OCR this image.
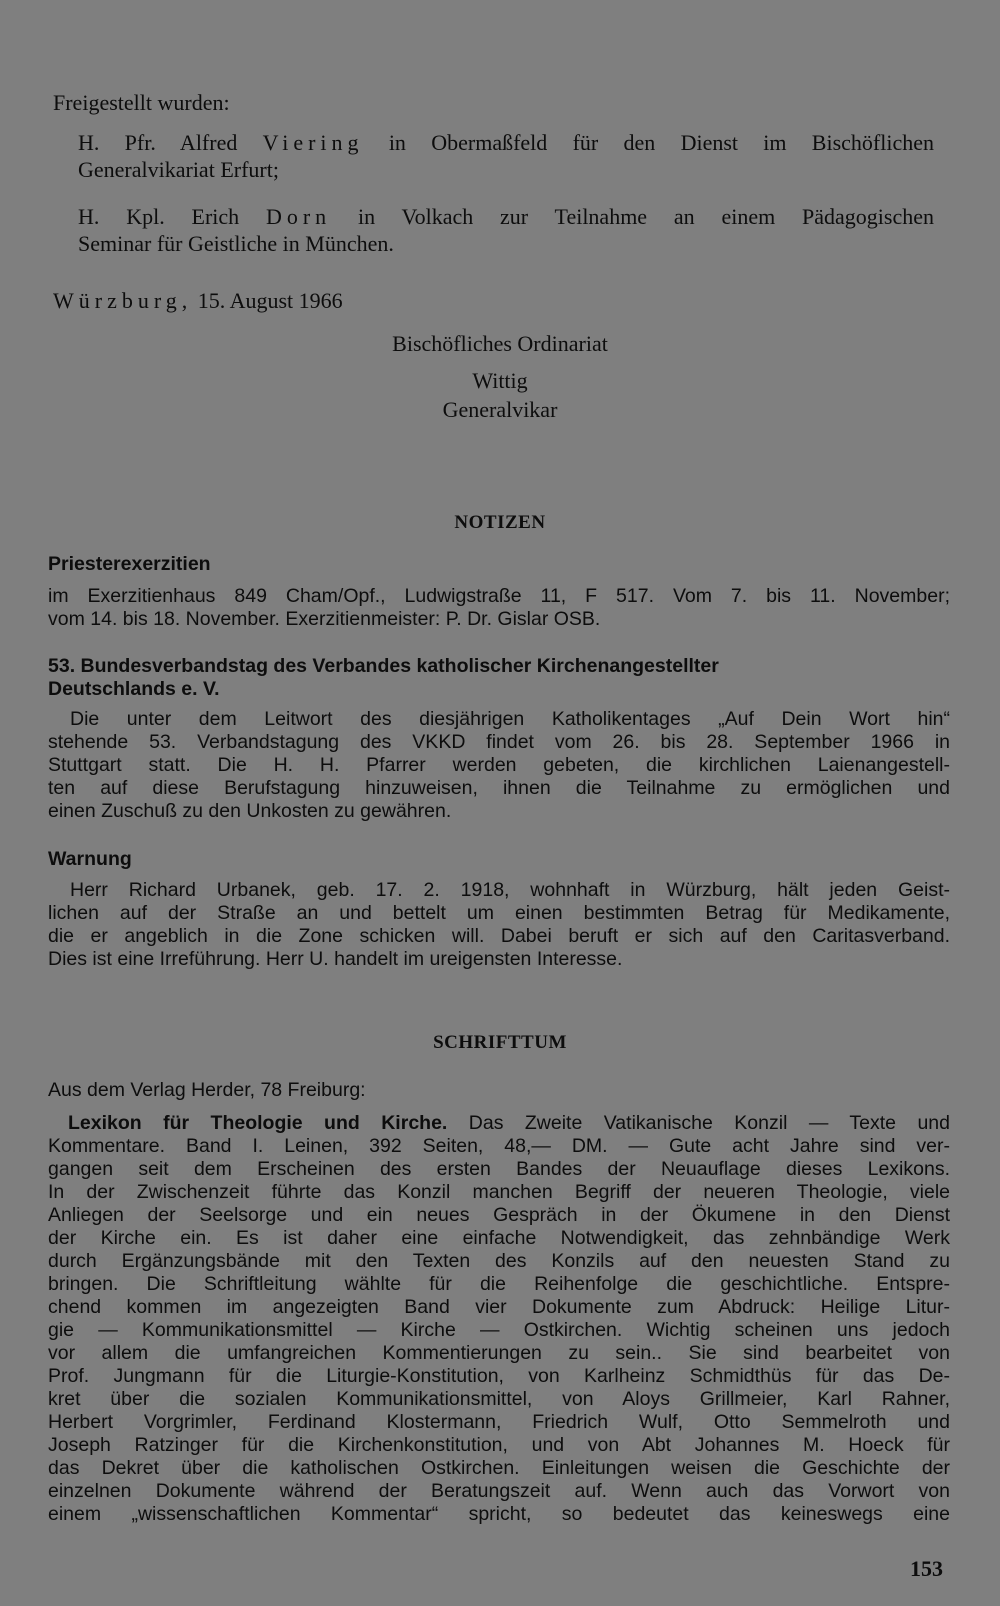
Freigestellt wurden:
H. Pfr. Alfred Viering in Obermaßfeld für den Dienst im Bischöflichen
Generalvikariat Erfurt;
H. Kpl. Erich Dorn in Volkach zur Teilnahme an einem Pädagogischen
Seminar für Geistliche in München.
Würzburg, 15. August 1966
Bischöfliches Ordinariat
Wittig
Generalvikar
NOTIZEN
Priesterexerzitien
im Exerzitienhaus 849 Cham/Opf., Ludwigstraße 11, F 517. Vom 7. bis 11. November;
vom 14. bis 18. November. Exerzitienmeister: P. Dr. Gislar OSB.
53. Bundesverbandstag des Verbandes katholischer Kirchenangestellter
Deutschlands e. V.
Die unter dem Leitwort des diesjährigen Katholikentages „Auf Dein Wort hin“
stehende 53. Verbandstagung des VKKD findet vom 26. bis 28. September 1966 in
Stuttgart statt. Die H. H. Pfarrer werden gebeten, die kirchlichen Laienangestell-
ten auf diese Berufstagung hinzuweisen, ihnen die Teilnahme zu ermöglichen und
einen Zuschuß zu den Unkosten zu gewähren.
Warnung
Herr Richard Urbanek, geb. 17. 2. 1918, wohnhaft in Würzburg, hält jeden Geist-
lichen auf der Straße an und bettelt um einen bestimmten Betrag für Medikamente,
die er angeblich in die Zone schicken will. Dabei beruft er sich auf den Caritasverband.
Dies ist eine Irreführung. Herr U. handelt im ureigensten Interesse.
SCHRIFTTUM
Aus dem Verlag Herder, 78 Freiburg:
Lexikon für Theologie und Kirche. Das Zweite Vatikanische Konzil — Texte und
Kommentare. Band I. Leinen, 392 Seiten, 48,— DM. — Gute acht Jahre sind ver-
gangen seit dem Erscheinen des ersten Bandes der Neuauflage dieses Lexikons.
In der Zwischenzeit führte das Konzil manchen Begriff der neueren Theologie, viele
Anliegen der Seelsorge und ein neues Gespräch in der Ökumene in den Dienst
der Kirche ein. Es ist daher eine einfache Notwendigkeit, das zehnbändige Werk
durch Ergänzungsbände mit den Texten des Konzils auf den neuesten Stand zu
bringen. Die Schriftleitung wählte für die Reihenfolge die geschichtliche. Entspre-
chend kommen im angezeigten Band vier Dokumente zum Abdruck: Heilige Litur-
gie — Kommunikationsmittel — Kirche — Ostkirchen. Wichtig scheinen uns jedoch
vor allem die umfangreichen Kommentierungen zu sein.. Sie sind bearbeitet von
Prof. Jungmann für die Liturgie-Konstitution, von Karlheinz Schmidthüs für das De-
kret über die sozialen Kommunikationsmittel, von Aloys Grillmeier, Karl Rahner,
Herbert Vorgrimler, Ferdinand Klostermann, Friedrich Wulf, Otto Semmelroth und
Joseph Ratzinger für die Kirchenkonstitution, und von Abt Johannes M. Hoeck für
das Dekret über die katholischen Ostkirchen. Einleitungen weisen die Geschichte der
einzelnen Dokumente während der Beratungszeit auf. Wenn auch das Vorwort von
einem „wissenschaftlichen Kommentar“ spricht, so bedeutet das keineswegs eine
153
